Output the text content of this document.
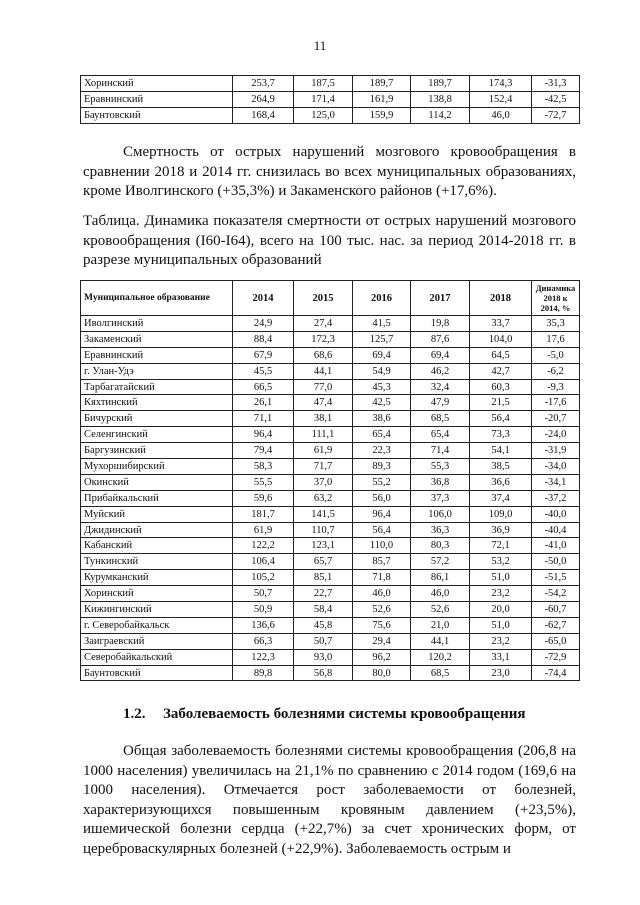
11
Хоринский	253,7	187,5	189,7	189,7	174,3	-31,3
Еравнинский	264,9	171,4	161,9	138,8	152,4	-42,5
Баунтовский	168,4	125,0	159,9	114,2	46,0	-72,7
Смертность от острых нарушений мозгового кровообращения в сравнении 2018 и 2014 гг. снизилась во всех муниципальных образованиях, кроме Иволгинского (+35,3%) и Закаменского районов (+17,6%).
Таблица. Динамика показателя смертности от острых нарушений мозгового кровообращения (I60-I64), всего на 100 тыс. нас. за период 2014-2018 гг. в разрезе муниципальных образований
Муниципальное образование	2014	2015	2016	2017	2018	Динамика 2018 к 2014, %
Иволгинский	24,9	27,4	41,5	19,8	33,7	35,3
Закаменский	88,4	172,3	125,7	87,6	104,0	17,6
Еравнинский	67,9	68,6	69,4	69,4	64,5	-5,0
г. Улан-Удэ	45,5	44,1	54,9	46,2	42,7	-6,2
Тарбагатайский	66,5	77,0	45,3	32,4	60,3	-9,3
Кяхтинский	26,1	47,4	42,5	47,9	21,5	-17,6
Бичурский	71,1	38,1	38,6	68,5	56,4	-20,7
Селенгинский	96,4	111,1	65,4	65,4	73,3	-24,0
Баргузинский	79,4	61,9	22,3	71,4	54,1	-31,9
Мухоршибирский	58,3	71,7	89,3	55,3	38,5	-34,0
Окинский	55,5	37,0	55,2	36,8	36,6	-34,1
Прибайкальский	59,6	63,2	56,0	37,3	37,4	-37,2
Муйский	181,7	141,5	96,4	106,0	109,0	-40,0
Джидинский	61,9	110,7	56,4	36,3	36,9	-40,4
Кабанский	122,2	123,1	110,0	80,3	72,1	-41,0
Тункинский	106,4	65,7	85,7	57,2	53,2	-50,0
Курумканский	105,2	85,1	71,8	86,1	51,0	-51,5
Хоринский	50,7	22,7	46,0	46,0	23,2	-54,2
Кижингинский	50,9	58,4	52,6	52,6	20,0	-60,7
г. Северобайкальск	136,6	45,8	75,6	21,0	51,0	-62,7
Заиграевский	66,3	50,7	29,4	44,1	23,2	-65,0
Северобайкальский	122,3	93,0	96,2	120,2	33,1	-72,9
Баунтовский	89,8	56,8	80,0	68,5	23,0	-74,4
1.2. Заболеваемость болезнями системы кровообращения
Общая заболеваемость болезнями системы кровообращения (206,8 на 1000 населения) увеличилась на 21,1% по сравнению с 2014 годом (169,6 на 1000 населения). Отмечается рост заболеваемости от болезней, характеризующихся повышенным кровяным давлением (+23,5%), ишемической болезни сердца (+22,7%) за счет хронических форм, от цереброваскулярных болезней (+22,9%). Заболеваемость острым и
